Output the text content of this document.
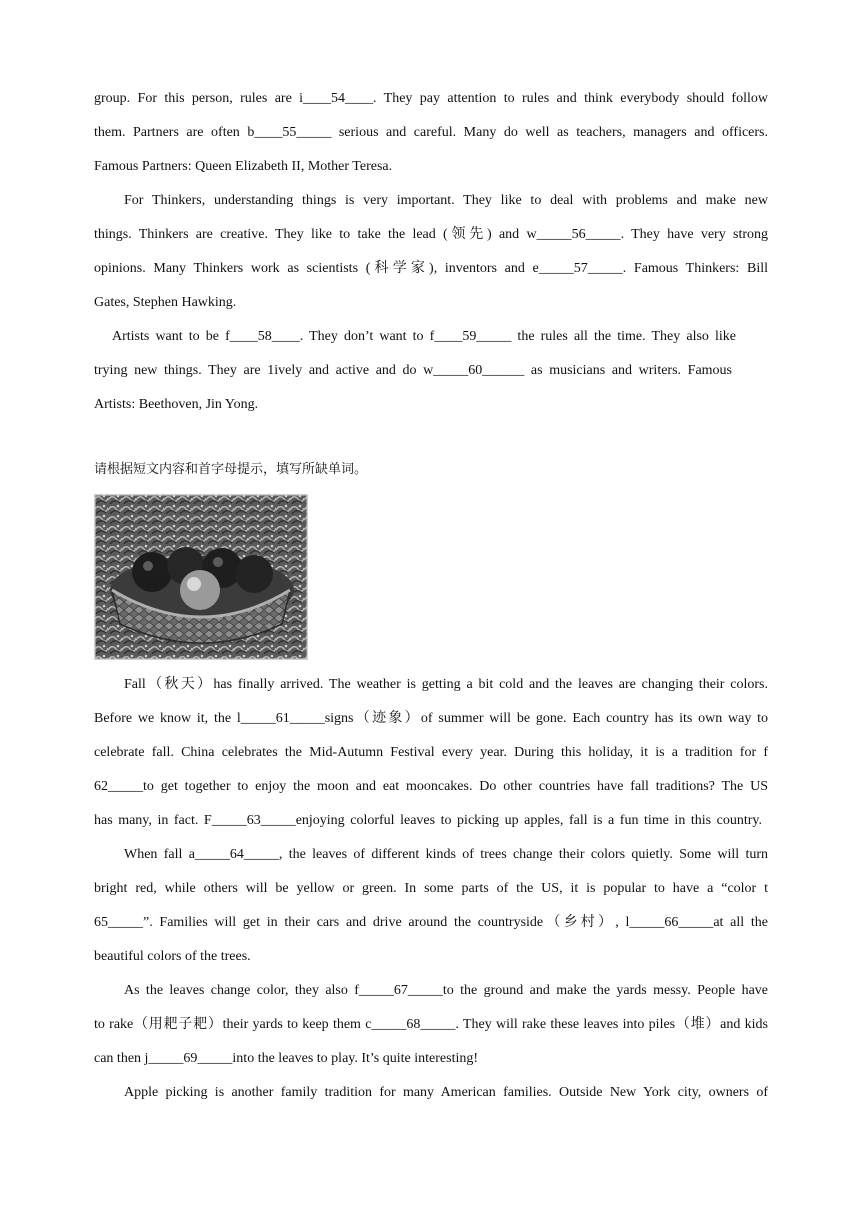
group. For this person, rules are i____54____. They pay attention to rules and think everybody should follow
them. Partners are often b____55_____ serious and careful. Many do well as teachers, managers and officers.
Famous Partners: Queen Elizabeth II, Mother Teresa.
For Thinkers, understanding things is very important. They like to deal with problems and make new
things. Thinkers are creative. They like to take the lead (领先) and w_____56_____. They have very strong
opinions. Many Thinkers work as scientists (科学家), inventors and e_____57_____. Famous Thinkers: Bill
Gates, Stephen Hawking.
Artists want to be f____58____. They don’t want to f____59_____ the rules all the time. They also like
trying new things. They are 1ively and active and do w_____60______ as musicians and writers. Famous
Artists: Beethoven, Jin Yong.
请根据短文内容和首字母提示，填写所缺单词。
Fall（秋天）has finally arrived. The weather is getting a bit cold and the leaves are changing their colors.
Before we know it, the l_____61_____signs（迹象）of summer will be gone. Each country has its own way to
celebrate fall. China celebrates the Mid-Autumn Festival every year. During this holiday, it is a tradition for f
62_____to get together to enjoy the moon and eat mooncakes. Do other countries have fall traditions? The US
has many, in fact. F_____63_____enjoying colorful leaves to picking up apples, fall is a fun time in this country.
When fall a_____64_____, the leaves of different kinds of trees change their colors quietly. Some will turn
bright red, while others will be yellow or green. In some parts of the US, it is popular to have a “color t
65_____”. Families will get in their cars and drive around the countryside（乡村）, l_____66_____at all the
beautiful colors of the trees.
As the leaves change color, they also f_____67_____to the ground and make the yards messy. People have
to rake（用耙子耙）their yards to keep them c_____68_____. They will rake these leaves into piles（堆）and kids
can then j_____69_____into the leaves to play. It’s quite interesting!
Apple picking is another family tradition for many American families. Outside New York city, owners of
